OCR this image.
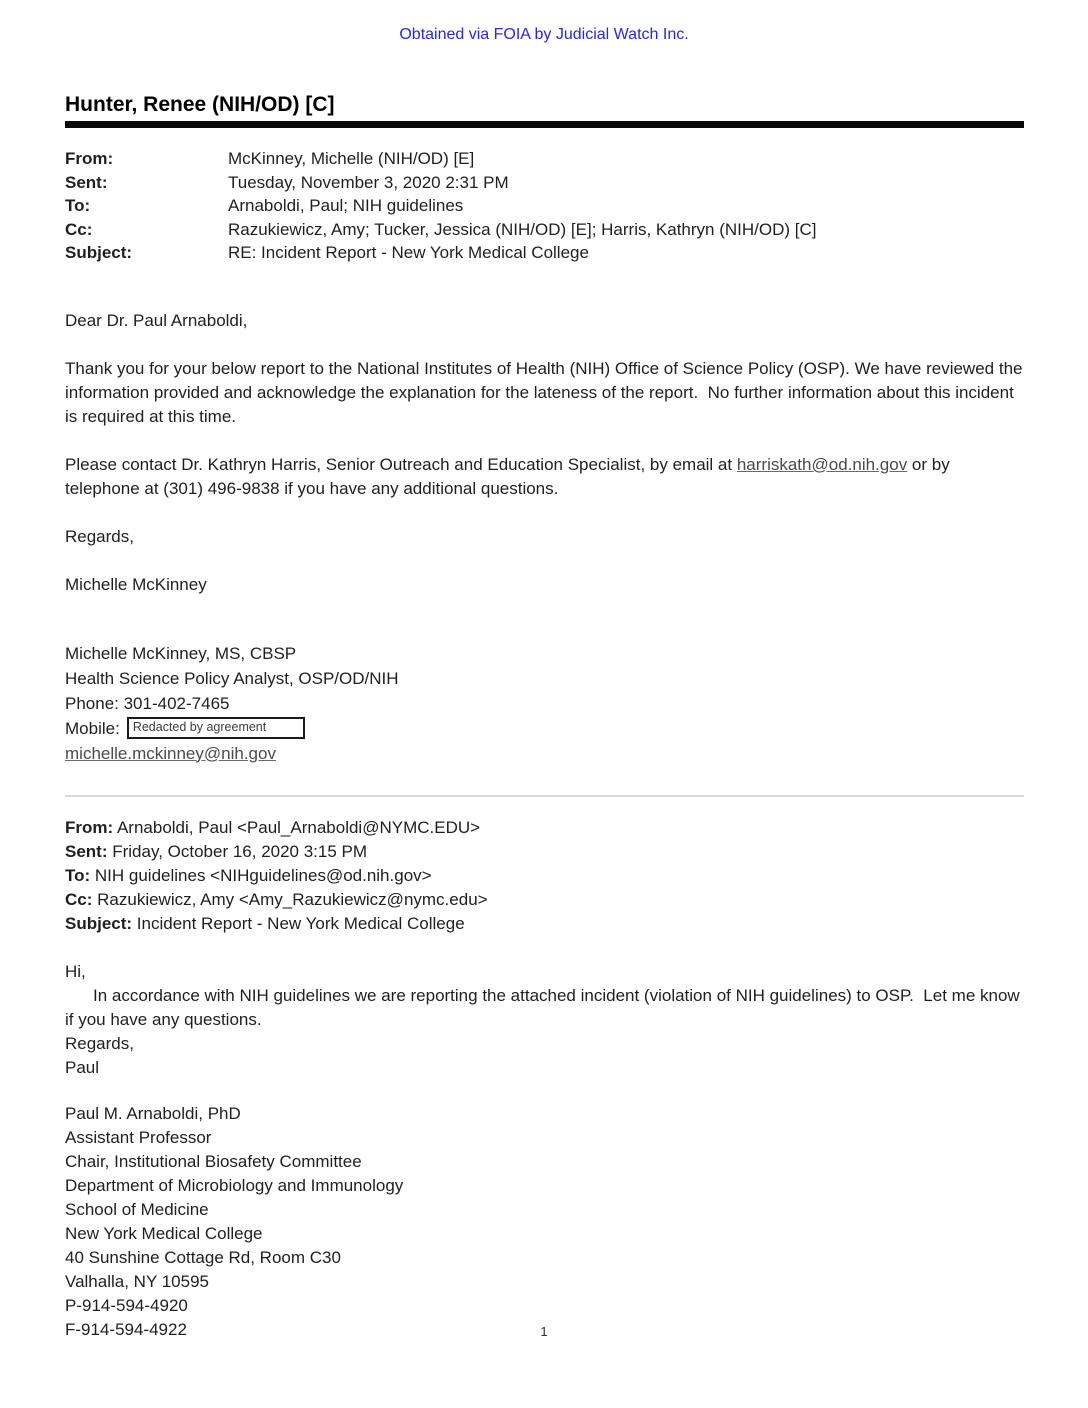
Obtained via FOIA by Judicial Watch Inc.
Hunter, Renee (NIH/OD) [C]
From:	McKinney, Michelle (NIH/OD) [E]
Sent:	Tuesday, November 3, 2020 2:31 PM
To:	Arnaboldi, Paul; NIH guidelines
Cc:	Razukiewicz, Amy; Tucker, Jessica (NIH/OD) [E]; Harris, Kathryn (NIH/OD) [C]
Subject:	RE: Incident Report - New York Medical College

Dear Dr. Paul Arnaboldi,

Thank you for your below report to the National Institutes of Health (NIH) Office of Science Policy (OSP). We have reviewed the information provided and acknowledge the explanation for the lateness of the report.  No further information about this incident is required at this time.

Please contact Dr. Kathryn Harris, Senior Outreach and Education Specialist, by email at harriskath@od.nih.gov or by telephone at (301) 496-9838 if you have any additional questions.

Regards,

Michelle McKinney

Michelle McKinney, MS, CBSP

Health Science Policy Analyst, OSP/OD/NIH

Phone: 301-402-7465

Mobile:	Redacted by agreement

michelle.mckinney@nih.gov

From: Arnaboldi, Paul <Paul_Arnaboldi@NYMC.EDU>

Sent: Friday, October 16, 2020 3:15 PM

To: NIH guidelines <NIHguidelines@od.nih.gov>

Cc: Razukiewicz, Amy <Amy_Razukiewicz@nymc.edu>

Subject: Incident Report - New York Medical College

Hi,

In accordance with NIH guidelines we are reporting the attached incident (violation of NIH guidelines) to OSP.  Let me know if you have any questions.

Regards,

Paul

Paul M. Arnaboldi, PhD

Assistant Professor

Chair, Institutional Biosafety Committee

Department of Microbiology and Immunology

School of Medicine

New York Medical College

40 Sunshine Cottage Rd, Room C30

Valhalla, NY 10595

P-914-594-4920

F-914-594-4922	1
